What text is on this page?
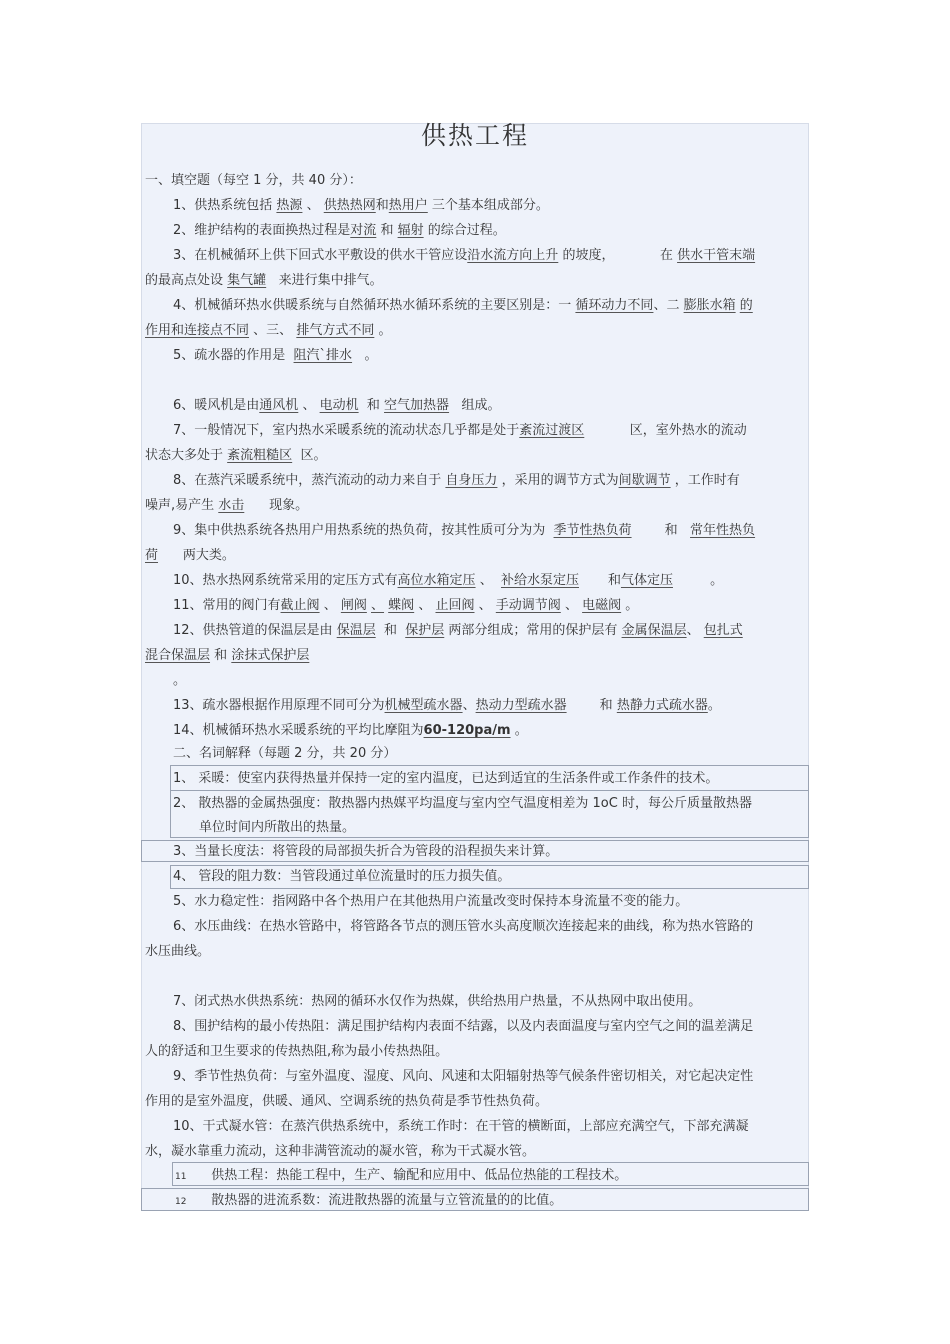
供热工程
一、填空题（每空 1 分，共 40 分）：
1、供热系统包括 热源 、 供热热网和热用户 三个基本组成部分。
2、维护结构的表面换热过程是对流 和 辐射 的综合过程。
3、在机械循环上供下回式水平敷设的供水干管应设沿水流方向上升 的坡度，	在 供水干管末端
的最高点处设 集气罐 来进行集中排气。
4、机械循环热水供暖系统与自然循环热水循环系统的主要区别是：一 循环动力不同、二 膨胀水箱 的
作用和连接点不同 、三、 排气方式不同 。
5、疏水器的作用是 阻汽`排水 。
6、暖风机是由通风机 、 电动机 和 空气加热器 组成。
7、一般情况下，室内热水采暖系统的流动状态几乎都是处于紊流过渡区	区，室外热水的流动
状态大多处于 紊流粗糙区 区。
8、在蒸汽采暖系统中，蒸汽流动的动力来自于 自身压力 ，采用的调节方式为间歇调节 ，工作时有
噪声,易产生 水击 现象。
9、集中供热系统各热用户用热系统的热负荷，按其性质可分为为 季节性热负荷	和 常年性热负
荷 两大类。
10、热水热网系统常采用的定压方式有高位水箱定压 、 补给水泵定压 和气体定压	。
11、常用的阀门有截止阀 、 闸阀 、 蝶阀 、 止回阀 、 手动调节阀 、 电磁阀 。
12、供热管道的保温层是由 保温层 和 保护层 两部分组成；常用的保护层有 金属保温层、 包扎式
混合保温层 和 涂抹式保护层
。
13、疏水器根据作用原理不同可分为机械型疏水器、热动力型疏水器	和 热静力式疏水器。
14、机械循环热水采暖系统的平均比摩阻为60-120pa/m 。
二、名词解释（每题 2 分，共 20 分）
1、 采暖：使室内获得热量并保持一定的室内温度，已达到适宜的生活条件或工作条件的技术。
2、 散热器的金属热强度：散热器内热媒平均温度与室内空气温度相差为 1oC 时，每公斤质量散热器
单位时间内所散出的热量。
3、当量长度法：将管段的局部损失折合为管段的沿程损失来计算。
4、 管段的阻力数：当管段通过单位流量时的压力损失值。
5、水力稳定性：指网路中各个热用户在其他热用户流量改变时保持本身流量不变的能力。
6、水压曲线：在热水管路中，将管路各节点的测压管水头高度顺次连接起来的曲线，称为热水管路的
水压曲线。
7、闭式热水供热系统：热网的循环水仅作为热媒，供给热用户热量，不从热网中取出使用。
8、围护结构的最小传热阻：满足围护结构内表面不结露，以及内表面温度与室内空气之间的温差满足
人的舒适和卫生要求的传热热阻,称为最小传热热阻。
9、季节性热负荷：与室外温度、湿度、风向、风速和太阳辐射热等气候条件密切相关，对它起决定性
作用的是室外温度，供暖、通风、空调系统的热负荷是季节性热负荷。
10、干式凝水管：在蒸汽供热系统中，系统工作时：在干管的横断面，上部应充满空气，下部充满凝
水，凝水靠重力流动，这种非满管流动的凝水管，称为干式凝水管。
11 供热工程：热能工程中，生产、输配和应用中、低品位热能的工程技术。
12 散热器的进流系数：流进散热器的流量与立管流量的的比值。
